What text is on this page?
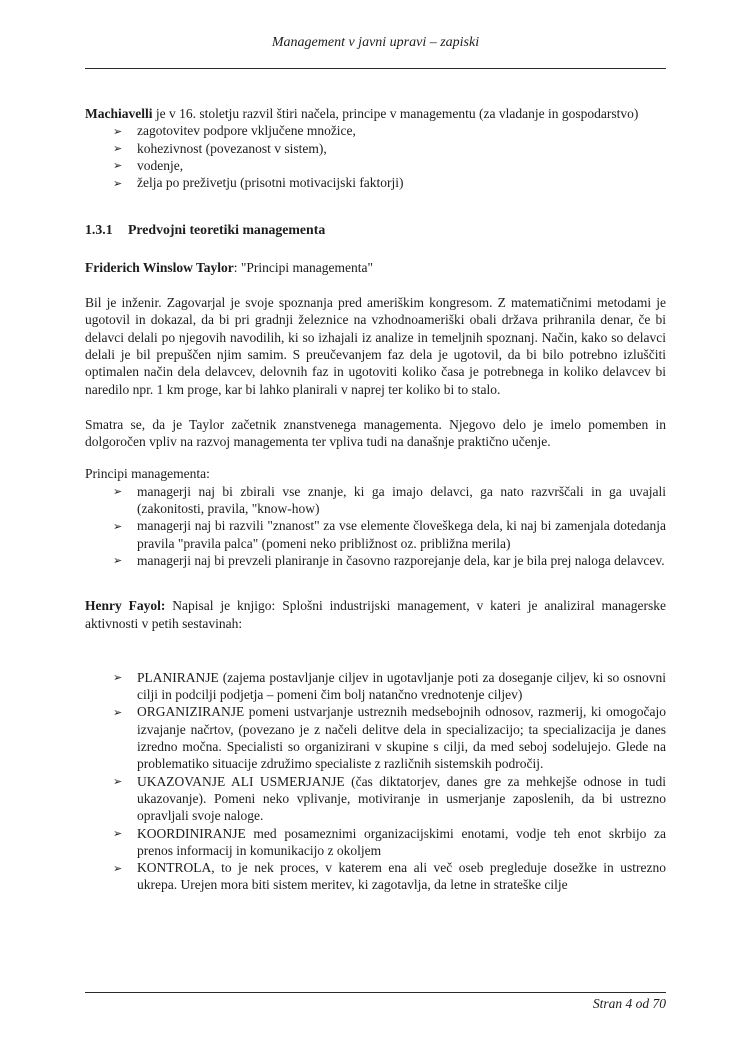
Management v javni upravi – zapiski

Machiavelli je v 16. stoletju razvil štiri načela, principe v managementu (za vladanje in gospodarstvo)

➢ zagotovitev podpore vključene množice,
➢ kohezivnost (povezanost v sistem),
➢ vodenje,
➢ želja po preživetju (prisotni motivacijski faktorji)
1.3.1 Predvojni teoretiki managementa

Friderich Winslow Taylor: "Principi managementa"

Bil je inženir. Zagovarjal je svoje spoznanja pred ameriškim kongresom. Z matematičnimi metodami je ugotovil in dokazal, da bi pri gradnji železnice na vzhodnoameriški obali država prihranila denar, če bi delavci delali po njegovih navodilih, ki so izhajali iz analize in temeljnih spoznanj. Način, kako so delavci delali je bil prepuščen njim samim. S preučevanjem faz dela je ugotovil, da bi bilo potrebno izluščiti optimalen način dela delavcev, delovnih faz in ugotoviti koliko časa je potrebnega in koliko delavcev bi naredilo npr. 1 km proge, kar bi lahko planirali v naprej ter koliko bi to stalo.

Smatra se, da je Taylor začetnik znanstvenega managementa. Njegovo delo je imelo pomemben in dolgoročen vpliv na razvoj managementa ter vpliva tudi na današnje praktično učenje.

Principi managementa:

➢ managerji naj bi zbirali vse znanje, ki ga imajo delavci, ga nato razvrščali in ga uvajali (zakonitosti, pravila, "know-how)
➢ managerji naj bi razvili "znanost" za vse elemente človeškega dela, ki naj bi zamenjala dotedanja pravila "pravila palca" (pomeni neko približnost oz. približna merila)
➢ managerji naj bi prevzeli planiranje in časovno razporejanje dela, kar je bila prej naloga delavcev.

Henry Fayol: Napisal je knjigo: Splošni industrijski management, v kateri je analiziral managerske aktivnosti v petih sestavinah:

➢ PLANIRANJE (zajema postavljanje ciljev in ugotavljanje poti za doseganje ciljev, ki so osnovni cilji in podcilji podjetja – pomeni čim bolj natančno vrednotenje ciljev)
➢ ORGANIZIRANJE pomeni ustvarjanje ustreznih medsebojnih odnosov, razmerij, ki omogočajo izvajanje načrtov, (povezano je z načeli delitve dela in specializacijo; ta specializacija je danes izredno močna. Specialisti so organizirani v skupine s cilji, da med seboj sodelujejo. Glede na problematiko situacije združimo specialiste z različnih sistemskih področij.
➢ UKAZOVANJE ALI USMERJANJE (čas diktatorjev, danes gre za mehkejše odnose in tudi ukazovanje). Pomeni neko vplivanje, motiviranje in usmerjanje zaposlenih, da bi ustrezno opravljali svoje naloge.
➢ KOORDINIRANJE med posameznimi organizacijskimi enotami, vodje teh enot skrbijo za prenos informacij in komunikacijo z okoljem
➢ KONTROLA, to je nek proces, v katerem ena ali več oseb pregleduje dosežke in ustrezno ukrepa. Urejen mora biti sistem meritev, ki zagotavlja, da letne in strateške cilje
Stran 4 od 70
